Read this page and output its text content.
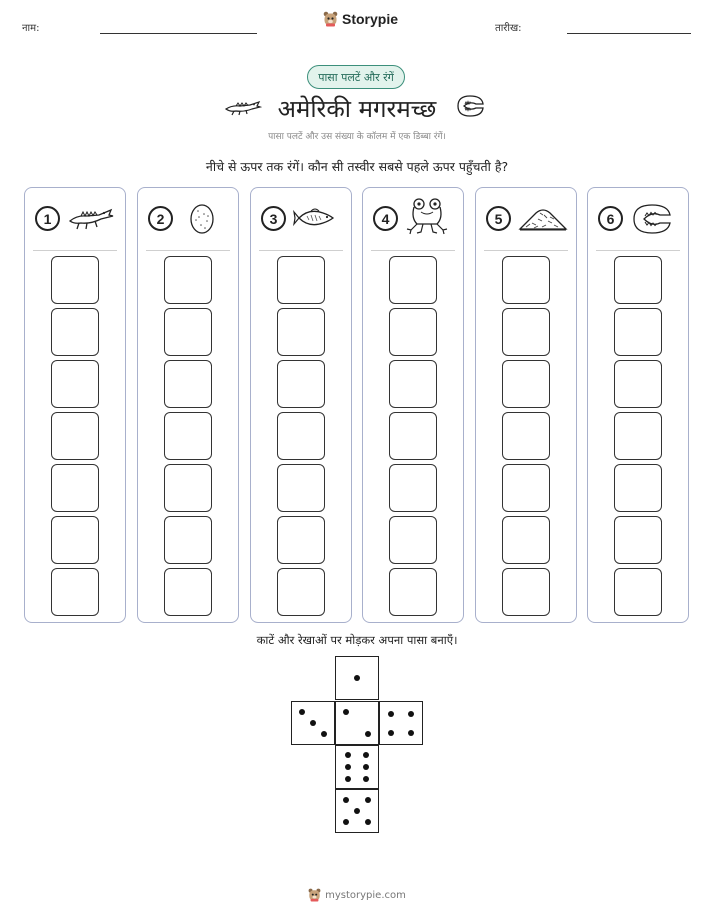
नाम:
Storypie
तारीख:
पासा पलटें और रंगें
अमेरिकी मगरमच्छ
पासा पलटें और उस संख्या के कॉलम में एक डिब्बा रंगें।
नीचे से ऊपर तक रंगें। कौन सी तस्वीर सबसे पहले ऊपर पहुँचती है?
1	2	3	4	5	6
काटें और रेखाओं पर मोड़कर अपना पासा बनाएँ।
mystorypie.com
